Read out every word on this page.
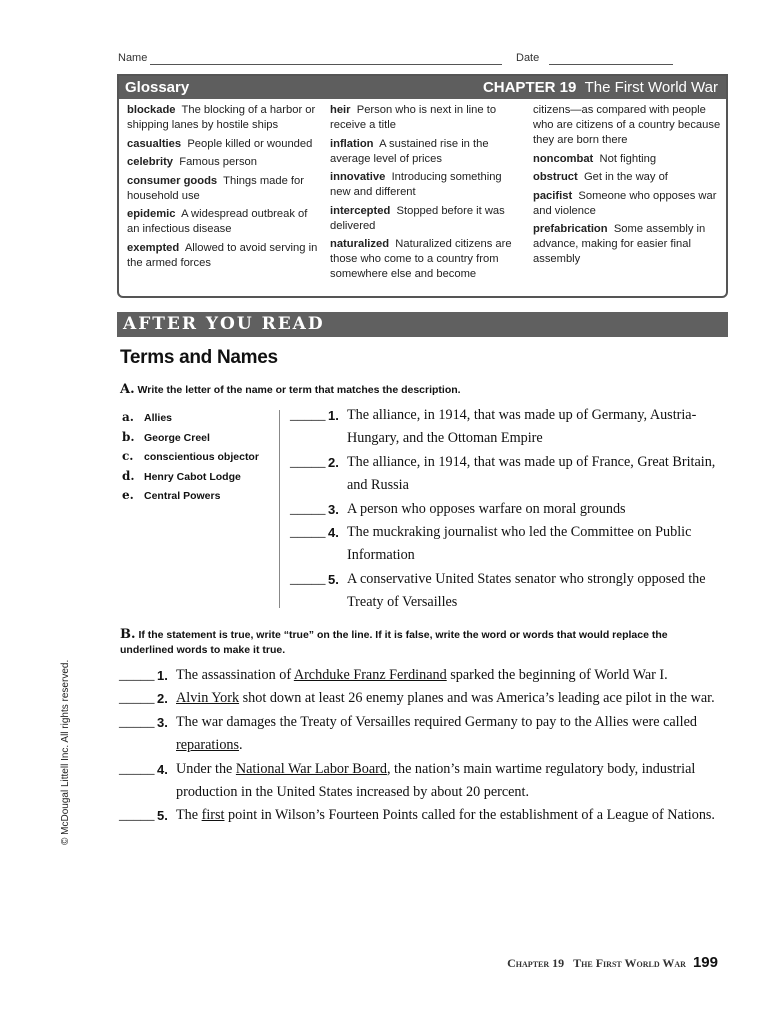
Name	Date
Glossary	CHAPTER 19 The First World War
blockade The blocking of a harbor or shipping lanes by hostile ships
casualties People killed or wounded
celebrity Famous person
consumer goods Things made for household use
epidemic A widespread outbreak of an infectious disease
exempted Allowed to avoid serving in the armed forces
heir Person who is next in line to receive a title
inflation A sustained rise in the average level of prices
innovative Introducing something new and different
intercepted Stopped before it was delivered
naturalized Naturalized citizens are those who come to a country from somewhere else and become
citizens—as compared with people who are citizens of a country because they are born there
noncombat Not fighting
obstruct Get in the way of
pacifist Someone who opposes war and violence
prefabrication Some assembly in advance, making for easier final assembly
AFTER YOU READ
Terms and Names
A. Write the letter of the name or term that matches the description.
a. Allies
b. George Creel
c. conscientious objector
d. Henry Cabot Lodge
e. Central Powers
_____ 1. The alliance, in 1914, that was made up of Germany, Austria-Hungary, and the Ottoman Empire
_____ 2. The alliance, in 1914, that was made up of France, Great Britain, and Russia
_____ 3. A person who opposes warfare on moral grounds
_____ 4. The muckraking journalist who led the Committee on Public Information
_____ 5. A conservative United States senator who strongly opposed the Treaty of Versailles
B. If the statement is true, write “true” on the line. If it is false, write the word or words that would replace the underlined words to make it true.
_____ 1. The assassination of Archduke Franz Ferdinand sparked the beginning of World War I.
_____ 2. Alvin York shot down at least 26 enemy planes and was America’s leading ace pilot in the war.
_____ 3. The war damages the Treaty of Versailles required Germany to pay to the Allies were called reparations.
_____ 4. Under the National War Labor Board, the nation’s main wartime regulatory body, industrial production in the United States increased by about 20 percent.
_____ 5. The first point in Wilson’s Fourteen Points called for the establishment of a League of Nations.
© McDougal Littell Inc. All rights reserved.
Chapter 19 The First World War 199
